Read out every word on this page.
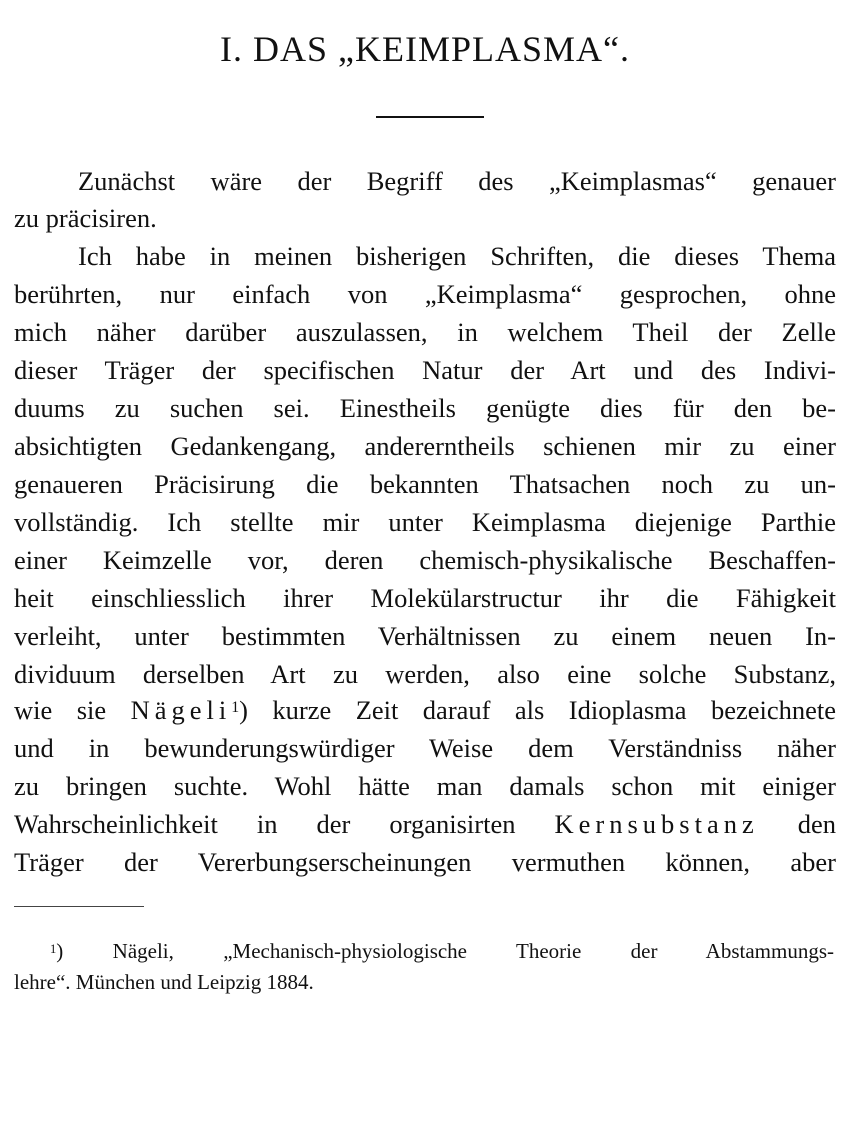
I. DAS „KEIMPLASMA“.
Zunächst wäre der Begriff des „Keimplasmas“ genauer
zu präcisiren.
Ich habe in meinen bisherigen Schriften, die dieses Thema
berührten, nur einfach von „Keimplasma“ gesprochen, ohne
mich näher darüber auszulassen, in welchem Theil der Zelle
dieser Träger der specifischen Natur der Art und des Indivi-
duums zu suchen sei. Einestheils genügte dies für den be-
absichtigten Gedankengang, andererntheils schienen mir zu einer
genaueren Präcisirung die bekannten Thatsachen noch zu un-
vollständig. Ich stellte mir unter Keimplasma diejenige Parthie
einer Keimzelle vor, deren chemisch-physikalische Beschaffen-
heit einschliesslich ihrer Molekülarstructur ihr die Fähigkeit
verleiht, unter bestimmten Verhältnissen zu einem neuen In-
dividuum derselben Art zu werden, also eine solche Substanz,
wie sie Nägeli$^1$) kurze Zeit darauf als Idioplasma bezeichnete
und in bewunderungswürdiger Weise dem Verständniss näher
zu bringen suchte. Wohl hätte man damals schon mit einiger
Wahrscheinlichkeit in der organisirten Kernsubstanz den
Träger der Vererbungserscheinungen vermuthen können, aber
$^1$) Nägeli, „Mechanisch-physiologische Theorie der Abstammungs-
lehre“. München und Leipzig 1884.
